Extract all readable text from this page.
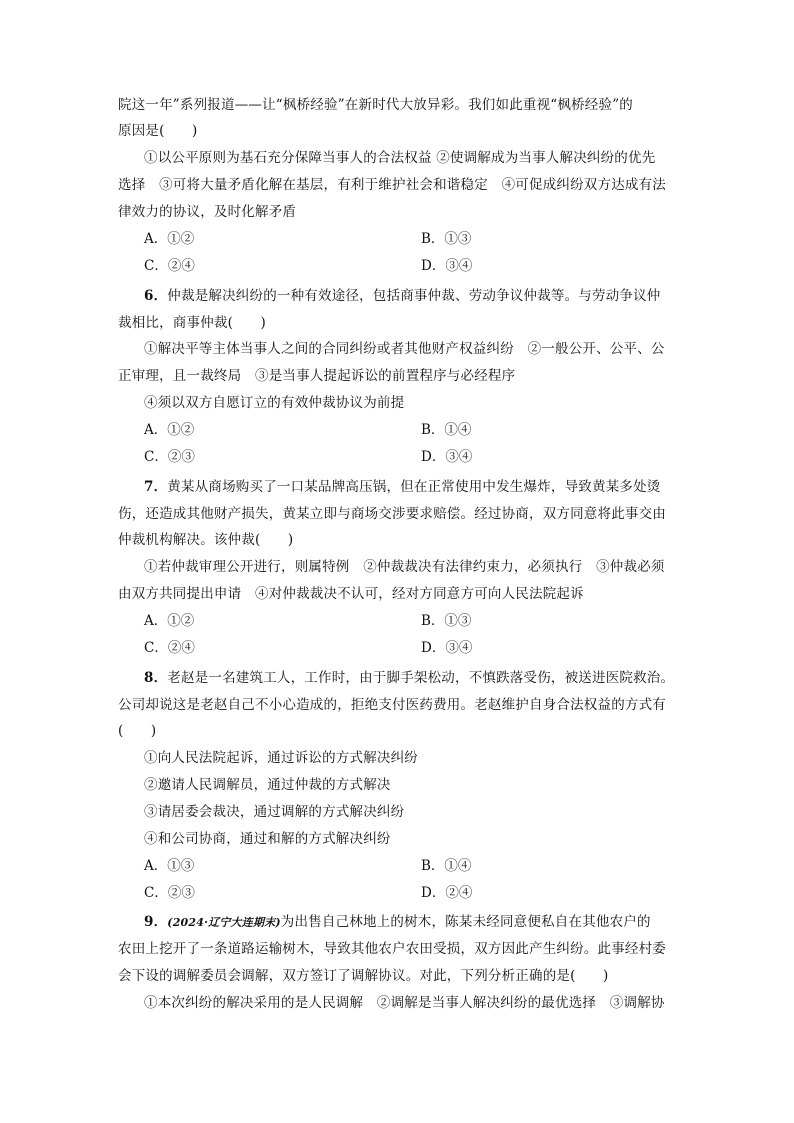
院这一年”系列报道——让“枫桥经验”在新时代大放异彩。我们如此重视“枫桥经验”的
原因是(　　)
①以公平原则为基石充分保障当事人的合法权益 ②使调解成为当事人解决纠纷的优先
选择　③可将大量矛盾化解在基层，有利于维护社会和谐稳定　④可促成纠纷双方达成有法
律效力的协议，及时化解矛盾
A．①②	B．①③
C．②④	D．③④
6．仲裁是解决纠纷的一种有效途径，包括商事仲裁、劳动争议仲裁等。与劳动争议仲
裁相比，商事仲裁(　　)
①解决平等主体当事人之间的合同纠纷或者其他财产权益纠纷　②一般公开、公平、公
正审理，且一裁终局　③是当事人提起诉讼的前置程序与必经程序
④须以双方自愿订立的有效仲裁协议为前提
A．①②	B．①④
C．②③	D．③④
7．黄某从商场购买了一口某品牌高压锅，但在正常使用中发生爆炸，导致黄某多处烫
伤，还造成其他财产损失，黄某立即与商场交涉要求赔偿。经过协商，双方同意将此事交由
仲裁机构解决。该仲裁(　　)
①若仲裁审理公开进行，则属特例　②仲裁裁决有法律约束力，必须执行　③仲裁必须
由双方共同提出申请　④对仲裁裁决不认可，经对方同意方可向人民法院起诉
A．①②	B．①③
C．②④	D．③④
8．老赵是一名建筑工人，工作时，由于脚手架松动，不慎跌落受伤，被送进医院救治。
公司却说这是老赵自己不小心造成的，拒绝支付医药费用。老赵维护自身合法权益的方式有
(　　)
①向人民法院起诉，通过诉讼的方式解决纠纷
②邀请人民调解员，通过仲裁的方式解决
③请居委会裁决，通过调解的方式解决纠纷
④和公司协商，通过和解的方式解决纠纷
A．①③	B．①④
C．②③	D．②④
9．(2024·辽宁大连期末)为出售自己林地上的树木，陈某未经同意便私自在其他农户的
农田上挖开了一条道路运输树木，导致其他农户农田受损，双方因此产生纠纷。此事经村委
会下设的调解委员会调解，双方签订了调解协议。对此，下列分析正确的是(　　)
①本次纠纷的解决采用的是人民调解　②调解是当事人解决纠纷的最优选择　③调解协
